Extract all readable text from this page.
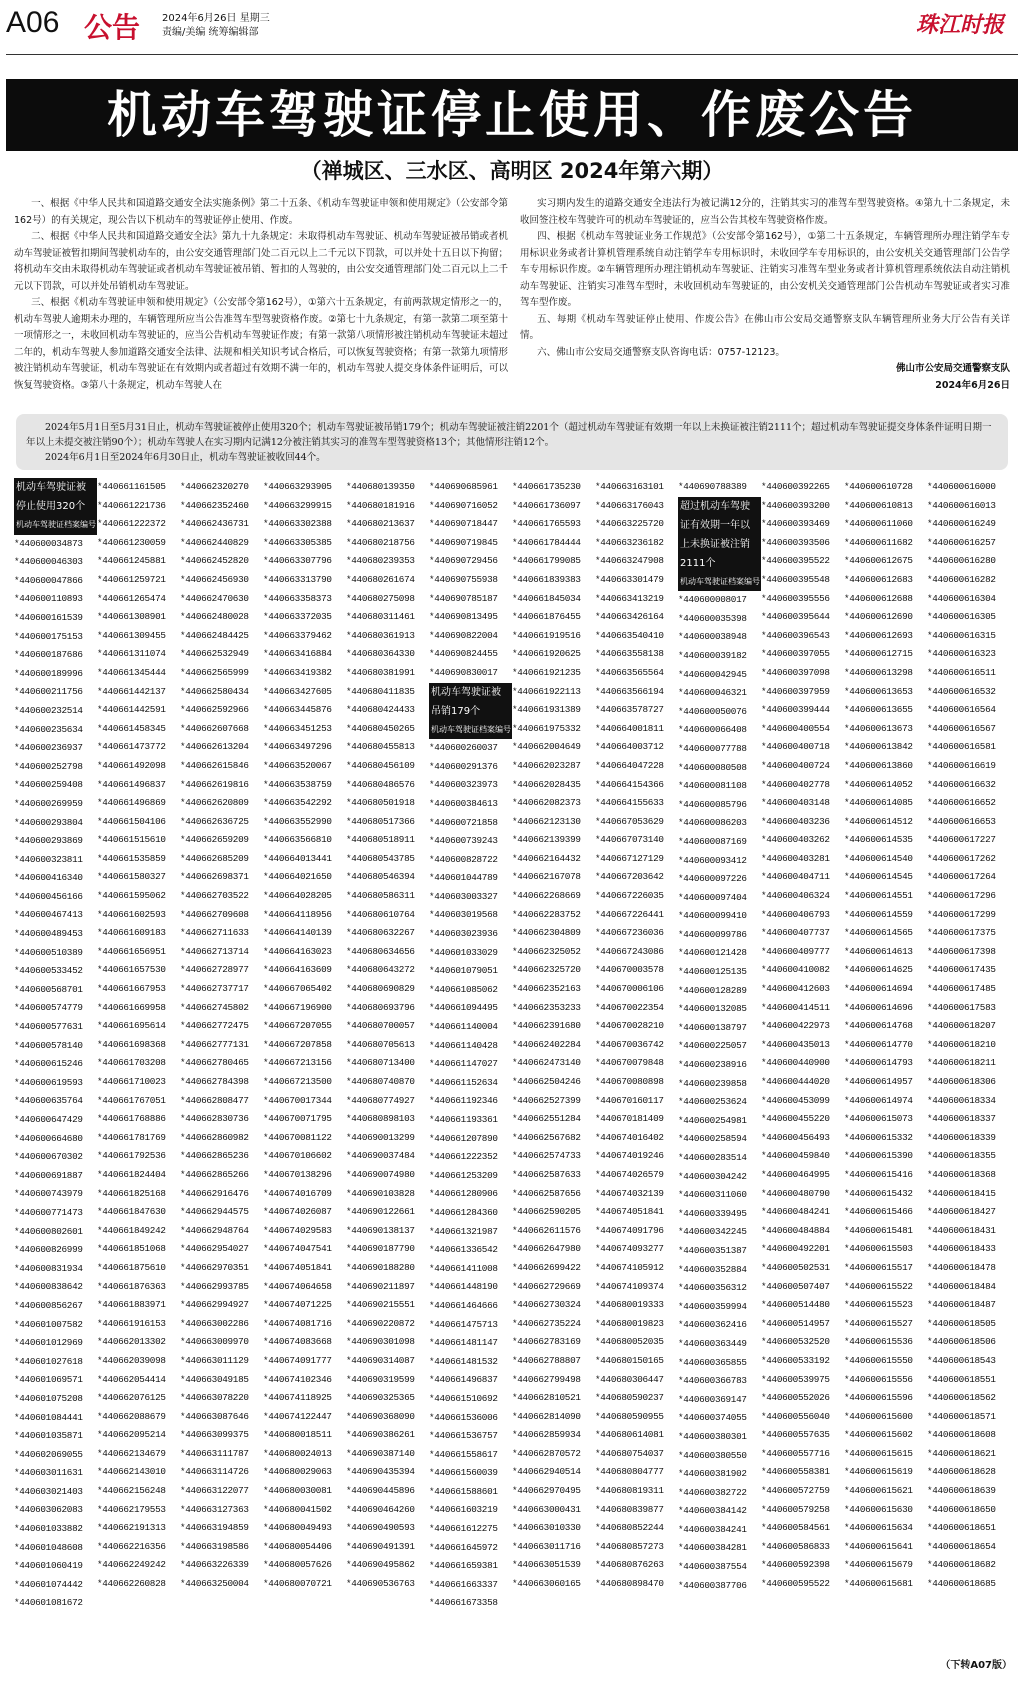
A06 公告 2024年6月26日 星期三
责编/美编 统筹编辑部	珠江时报
机动车驾驶证停止使用、作废公告
（禅城区、三水区、高明区 2024年第六期）

一、根据《中华人民共和国道路交通安全法实施条例》第二十五条、《机动车驾驶证申领和使用规定》（公安部令第162号）的有关规定，现公告以下机动车的驾驶证停止使用、作废。

二、根据《中华人民共和国道路交通安全法》第九十九条规定：未取得机动车驾驶证、机动车驾驶证被吊销或者机动车驾驶证被暂扣期间驾驶机动车的，由公安交通管理部门处二百元以上二千元以下罚款，可以并处十五日以下拘留；将机动车交由未取得机动车驾驶证或者机动车驾驶证被吊销、暂扣的人驾驶的，由公安交通管理部门处二百元以上二千元以下罚款，可以并处吊销机动车驾驶证。

三、根据《机动车驾驶证申领和使用规定》（公安部令第162号），①第六十五条规定，有前两款规定情形之一的，机动车驾驶人逾期未办理的，车辆管理所应当公告准驾车型驾驶资格作废。②第七十九条规定，有第一款第二项至第十一项情形之一，未收回机动车驾驶证的，应当公告机动车驾驶证作废；有第一款第八项情形被注销机动车驾驶证未超过二年的，机动车驾驶人参加道路交通安全法律、法规和相关知识考试合格后，可以恢复驾驶资格；有第一款第九项情形被注销机动车驾驶证，机动车驾驶证在有效期内或者超过有效期不满一年的，机动车驾驶人提交身体条件证明后，可以恢复驾驶资格。③第八十条规定，机动车驾驶人在

实习期内发生的道路交通安全违法行为被记满12分的，注销其实习的准驾车型驾驶资格。④第九十二条规定，未收回签注校车驾驶许可的机动车驾驶证的，应当公告其校车驾驶资格作废。

四、根据《机动车驾驶证业务工作规范》（公安部令第162号），①第二十五条规定，车辆管理所办理注销学车专用标识业务或者计算机管理系统自动注销学车专用标识时，未收回学车专用标识的，由公安机关交通管理部门公告学车专用标识作废。②车辆管理所办理注销机动车驾驶证、注销实习准驾车型业务或者计算机管理系统依法自动注销机动车驾驶证、注销实习准驾车型时，未收回机动车驾驶证的，由公安机关交通管理部门公告机动车驾驶证或者实习准驾车型作废。

五、每期《机动车驾驶证停止使用、作废公告》在佛山市公安局交通警察支队车辆管理所业务大厅公告有关详情。

六、佛山市公安局交通警察支队咨询电话：0757-12123。

佛山市公安局交通警察支队
2024年6月26日

2024年5月1日至5月31日止，机动车驾驶证被停止使用320个；机动车驾驶证被吊销179个；机动车驾驶证被注销2201个（超过机动车驾驶证有效期一年以上未换证被注销2111个；超过机动车驾驶证提交身体条件证明日期一年以上未提交被注销90个）；机动车驾驶人在实习期内记满12分被注销其实习的准驾车型驾驶资格13个；其他情形注销12个。

2024年6月1日至2024年6月30日止，机动车驾驶证被收回44个。

机动车驾驶证被停止使用320个
机动车驾驶证档案编号
*440600034873
*440600046303
*440600047866
*440600110893
*440600161539
*440600175153
*440600187686
*440600189996
*440600211756
*440600232514
*440600235634
*440600236937
*440600252798
*440600259408
*440600269959
*440600293804
*440600293869
*440600323811
*440600416340
*440600456166
*440600467413
*440600489453
*440600510389
*440600533452
*440600568701
*440600574779
*440600577631
*440600578140
*440600615246
*440600619593
*440600635764
*440600647429
*440600664680
*440600670302
*440600691887
*440600743979
*440600771473
*440600802601
*440600826999
*440600831934
*440600838642
*440600856267
*440601007582
*440601012969
*440601027618
*440601069571
*440601075208
*440601084441
*440601035871
*440602069055
*440603011631
*440603021403
*440603062083
*440601033882
*440601048608
*440601060419
*440601074442
*440601081672
*440661161505
*440661221736
*440661222372
*440661230059
*440661245881
*440661259721
*440661265474
*440661308901
*440661309455
*440661311074
*440661345444
*440661442137
*440661442591
*440661458345
*440661473772
*440661492098
*440661496837
*440661496869
*440661504106
*440661515610
*440661535859
*440661580327
*440661595062
*440661602593
*440661609183
*440661656951
*440661657530
*440661667953
*440661669958
*440661695614
*440661698368
*440661703208
*440661710023
*440661767051
*440661768886
*440661781769
*440661792536
*440661824404
*440661825168
*440661847630
*440661849242
*440661851068
*440661875610
*440661876363
*440661883971
*440661916153
*440662013302
*440662039098
*440662054414
*440662076125
*440662088679
*440662095214
*440662134679
*440662143010
*440662156248
*440662179553
*440662191313
*440662216356
*440662249242
*440662260828
*440662320270
*440662352460
*440662436731
*440662440829
*440662452820
*440662456930
*440662470630
*440662480028
*440662484425
*440662532949
*440662565999
*440662580434
*440662592966
*440662607668
*440662613204
*440662615846
*440662619816
*440662620809
*440662636725
*440662659209
*440662685209
*440662698371
*440662703522
*440662709608
*440662711633
*440662713714
*440662728977
*440662737717
*440662745802
*440662772475
*440662777131
*440662780465
*440662784398
*440662808477
*440662830736
*440662860982
*440662865236
*440662865266
*440662916476
*440662944575
*440662948764
*440662954027
*440662970351
*440662993785
*440662994927
*440663002286
*440663009970
*440663011129
*440663049185
*440663078220
*440663087646
*440663099375
*440663111787
*440663114726
*440663122077
*440663127363
*440663194859
*440663198586
*440663226339
*440663250004
*440663293905
*440663299915
*440663302388
*440663305385
*440663307796
*440663313790
*440663358373
*440663372035
*440663379462
*440663416884
*440663419382
*440663427605
*440663445876
*440663451253
*440663497296
*440663520067
*440663538759
*440663542292
*440663552990
*440663566810
*440664013441
*440664021650
*440664028205
*440664118956
*440664140139
*440664163023
*440664163609
*440667065402
*440667196900
*440667207055
*440667207858
*440667213156
*440667213500
*440670017344
*440670071795
*440670081122
*440670106602
*440670138296
*440674016709
*440674026087
*440674029583
*440674047541
*440674051841
*440674064658
*440674071225
*440674081716
*440674083668
*440674091777
*440674102346
*440674118925
*440674122447
*440680018511
*440680024013
*440680029063
*440680030081
*440680041502
*440680049493
*440680054406
*440680057626
*440680070721
*440680139350
*440680181916
*440680213637
*440680218756
*440680239353
*440680261674
*440680275098
*440680311461
*440680361913
*440680364330
*440680381991
*440680411835
*440680424433
*440680450265
*440680455813
*440680456109
*440680486576
*440680501918
*440680517366
*440680518911
*440680543785
*440680546394
*440680586311
*440680610764
*440680632267
*440680634656
*440680643272
*440680690829
*440680693796
*440680700057
*440680705613
*440680713400
*440680740870
*440680774927
*440680898103
*440690013299
*440690037484
*440690074980
*440690103828
*440690122661
*440690138137
*440690187790
*440690188280
*440690211897
*440690215551
*440690220872
*440690301098
*440690314087
*440690319599
*440690325365
*440690368090
*440690386261
*440690387140
*440690435394
*440690445896
*440690464260
*440690490593
*440690491391
*440690495862
*440690536763
*440690685961
*440690716052
*440690718447
*440690719845
*440690729456
*440690755938
*440690785187
*440690813495
*440690822004
*440690824455
*440690830017
机动车驾驶证被吊销179个
机动车驾驶证档案编号
*440600260037
*440600291376
*440600323973
*440600384613
*440600721858
*440600739243
*440600828722
*440601044789
*440603003327
*440603019568
*440603023936
*440601033029
*440601079051
*440661085062
*440661094495
*440661140004
*440661140428
*440661147027
*440661152634
*440661192346
*440661193361
*440661207890
*440661222352
*440661253209
*440661280906
*440661284360
*440661321987
*440661336542
*440661411008
*440661448190
*440661464666
*440661475713
*440661481147
*440661481532
*440661496837
*440661510692
*440661536006
*440661536757
*440661558617
*440661560039
*440661588601
*440661603219
*440661612275
*440661645972
*440661659381
*440661663337
*440661673358
*440661735230
*440661736097
*440661765593
*440661784444
*440661799085
*440661839383
*440661845034
*440661876455
*440661919516
*440661920625
*440661921235
*440661922113
*440661931389
*440661975332
*440662004649
*440662023287
*440662028435
*440662082373
*440662123130
*440662139399
*440662164432
*440662167078
*440662268669
*440662283752
*440662304809
*440662325052
*440662325720
*440662352163
*440662353233
*440662391680
*440662402284
*440662473140
*440662504246
*440662527399
*440662551284
*440662567682
*440662574733
*440662587633
*440662587656
*440662590205
*440662611576
*440662647980
*440662699422
*440662729669
*440662730324
*440662735224
*440662783169
*440662788807
*440662799498
*440662810521
*440662814090
*440662859934
*440662870572
*440662940514
*440662970495
*440663000431
*440663010330
*440663011716
*440663051539
*440663060165
*440663163101
*440663176043
*440663225720
*440663236182
*440663247908
*440663301479
*440663413219
*440663426164
*440663540410
*440663558138
*440663565564
*440663566194
*440663578727
*440664001811
*440664003712
*440664047228
*440664154366
*440664155633
*440667053629
*440667073140
*440667127129
*440667203642
*440667226035
*440667226441
*440667236036
*440667243086
*440670003578
*440670006106
*440670022354
*440670028210
*440670036742
*440670079848
*440670080898
*440670160117
*440670181409
*440674016402
*440674019246
*440674026579
*440674032139
*440674051841
*440674091796
*440674093277
*440674105912
*440674109374
*440680019333
*440680019823
*440680052035
*440680150165
*440680306447
*440680590237
*440680590955
*440680614081
*440680754037
*440680804777
*440680819311
*440680839877
*440680852244
*440680857273
*440680876263
*440680898470
*440690788389
超过机动车驾驶证有效期一年以上未换证被注销2111个
机动车驾驶证档案编号
*440600008017
*440600035398
*440600038948
*440600039182
*440600042945
*440600046321
*440600050076
*440600066408
*440600077788
*440600080508
*440600081108
*440600085796
*440600086203
*440600087169
*440600093412
*440600097226
*440600097404
*440600099410
*440600099786
*440600121428
*440600125135
*440600128289
*440600132085
*440600138797
*440600225057
*440600238916
*440600239858
*440600253624
*440600254981
*440600258594
*440600283514
*440600304242
*440600311060
*440600339495
*440600342245
*440600351387
*440600352884
*440600356312
*440600359994
*440600362416
*440600363449
*440600365855
*440600366783
*440600369147
*440600374055
*440600380301
*440600380550
*440600381902
*440600382722
*440600384142
*440600384241
*440600384281
*440600387554
*440600387706
*440600392265
*440600393200
*440600393469
*440600393506
*440600395522
*440600395548
*440600395556
*440600395644
*440600396543
*440600397055
*440600397098
*440600397959
*440600399444
*440600400554
*440600400718
*440600400724
*440600402778
*440600403148
*440600403236
*440600403262
*440600403281
*440600404711
*440600406324
*440600406793
*440600407737
*440600409777
*440600410082
*440600412603
*440600414511
*440600422973
*440600435013
*440600440900
*440600444020
*440600453099
*440600455220
*440600456493
*440600459840
*440600464995
*440600480790
*440600484241
*440600484884
*440600492201
*440600502531
*440600507407
*440600514480
*440600514957
*440600532520
*440600533192
*440600539975
*440600552026
*440600556040
*440600557635
*440600557716
*440600558381
*440600572759
*440600579258
*440600584561
*440600586833
*440600592398
*440600595522
*440600610728
*440600610813
*440600611060
*440600611682
*440600612675
*440600612683
*440600612688
*440600612690
*440600612693
*440600612715
*440600613298
*440600613653
*440600613655
*440600613673
*440600613842
*440600613860
*440600614052
*440600614085
*440600614512
*440600614535
*440600614540
*440600614545
*440600614551
*440600614559
*440600614565
*440600614613
*440600614625
*440600614694
*440600614696
*440600614768
*440600614770
*440600614793
*440600614957
*440600614974
*440600615073
*440600615332
*440600615390
*440600615416
*440600615432
*440600615466
*440600615481
*440600615503
*440600615517
*440600615522
*440600615523
*440600615527
*440600615536
*440600615550
*440600615556
*440600615596
*440600615600
*440600615602
*440600615615
*440600615619
*440600615621
*440600615630
*440600615634
*440600615641
*440600615679
*440600615681
*440600616000
*440600616013
*440600616249
*440600616257
*440600616280
*440600616282
*440600616304
*440600616305
*440600616315
*440600616323
*440600616511
*440600616532
*440600616564
*440600616567
*440600616581
*440600616619
*440600616632
*440600616652
*440600616653
*440600617227
*440600617262
*440600617264
*440600617296
*440600617299
*440600617375
*440600617398
*440600617435
*440600617485
*440600617583
*440600618207
*440600618210
*440600618211
*440600618306
*440600618334
*440600618337
*440600618339
*440600618355
*440600618368
*440600618415
*440600618427
*440600618431
*440600618433
*440600618478
*440600618484
*440600618487
*440600618505
*440600618506
*440600618543
*440600618551
*440600618562
*440600618571
*440600618608
*440600618621
*440600618628
*440600618639
*440600618650
*440600618651
*440600618654
*440600618682
*440600618685
（下转A07版）
